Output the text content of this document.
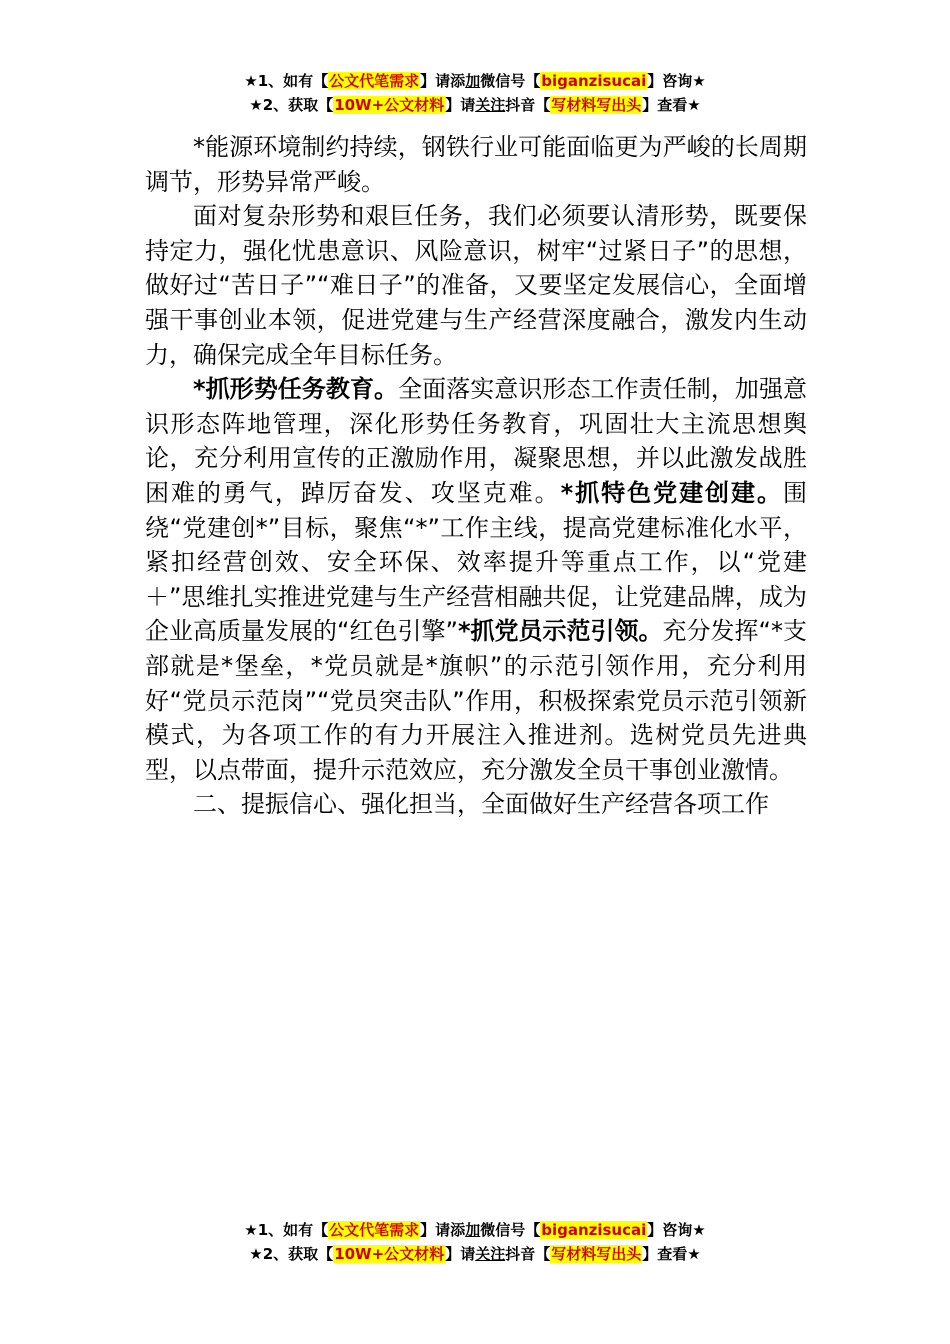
★1、如有【公文代笔需求】请添加微信号【biganzisucai】咨询★
★2、获取【10W+公文材料】请关注抖音【写材料写出头】查看★

*能源环境制约持续，钢铁行业可能面临更为严峻的长周期调节，形势异常严峻。

面对复杂形势和艰巨任务，我们必须要认清形势，既要保持定力，强化忧患意识、风险意识，树牢“过紧日子”的思想，做好过“苦日子”“难日子”的准备，又要坚定发展信心，全面增强干事创业本领，促进党建与生产经营深度融合，激发内生动力，确保完成全年目标任务。

*抓形势任务教育。全面落实意识形态工作责任制，加强意识形态阵地管理，深化形势任务教育，巩固壮大主流思想舆论，充分利用宣传的正激励作用，凝聚思想，并以此激发战胜困难的勇气，踔厉奋发、攻坚克难。*抓特色党建创建。围绕“党建创*”目标，聚焦“*”工作主线，提高党建标准化水平，紧扣经营创效、安全环保、效率提升等重点工作，以“党建＋”思维扎实推进党建与生产经营相融共促，让党建品牌，成为企业高质量发展的“红色引擎”*抓党员示范引领。充分发挥“*支部就是*堡垒，*党员就是*旗帜”的示范引领作用，充分利用好“党员示范岗”“党员突击队”作用，积极探索党员示范引领新模式，为各项工作的有力开展注入推进剂。选树党员先进典型，以点带面，提升示范效应，充分激发全员干事创业激情。

二、提振信心、强化担当，全面做好生产经营各项工作

★1、如有【公文代笔需求】请添加微信号【biganzisucai】咨询★
★2、获取【10W+公文材料】请关注抖音【写材料写出头】查看★
